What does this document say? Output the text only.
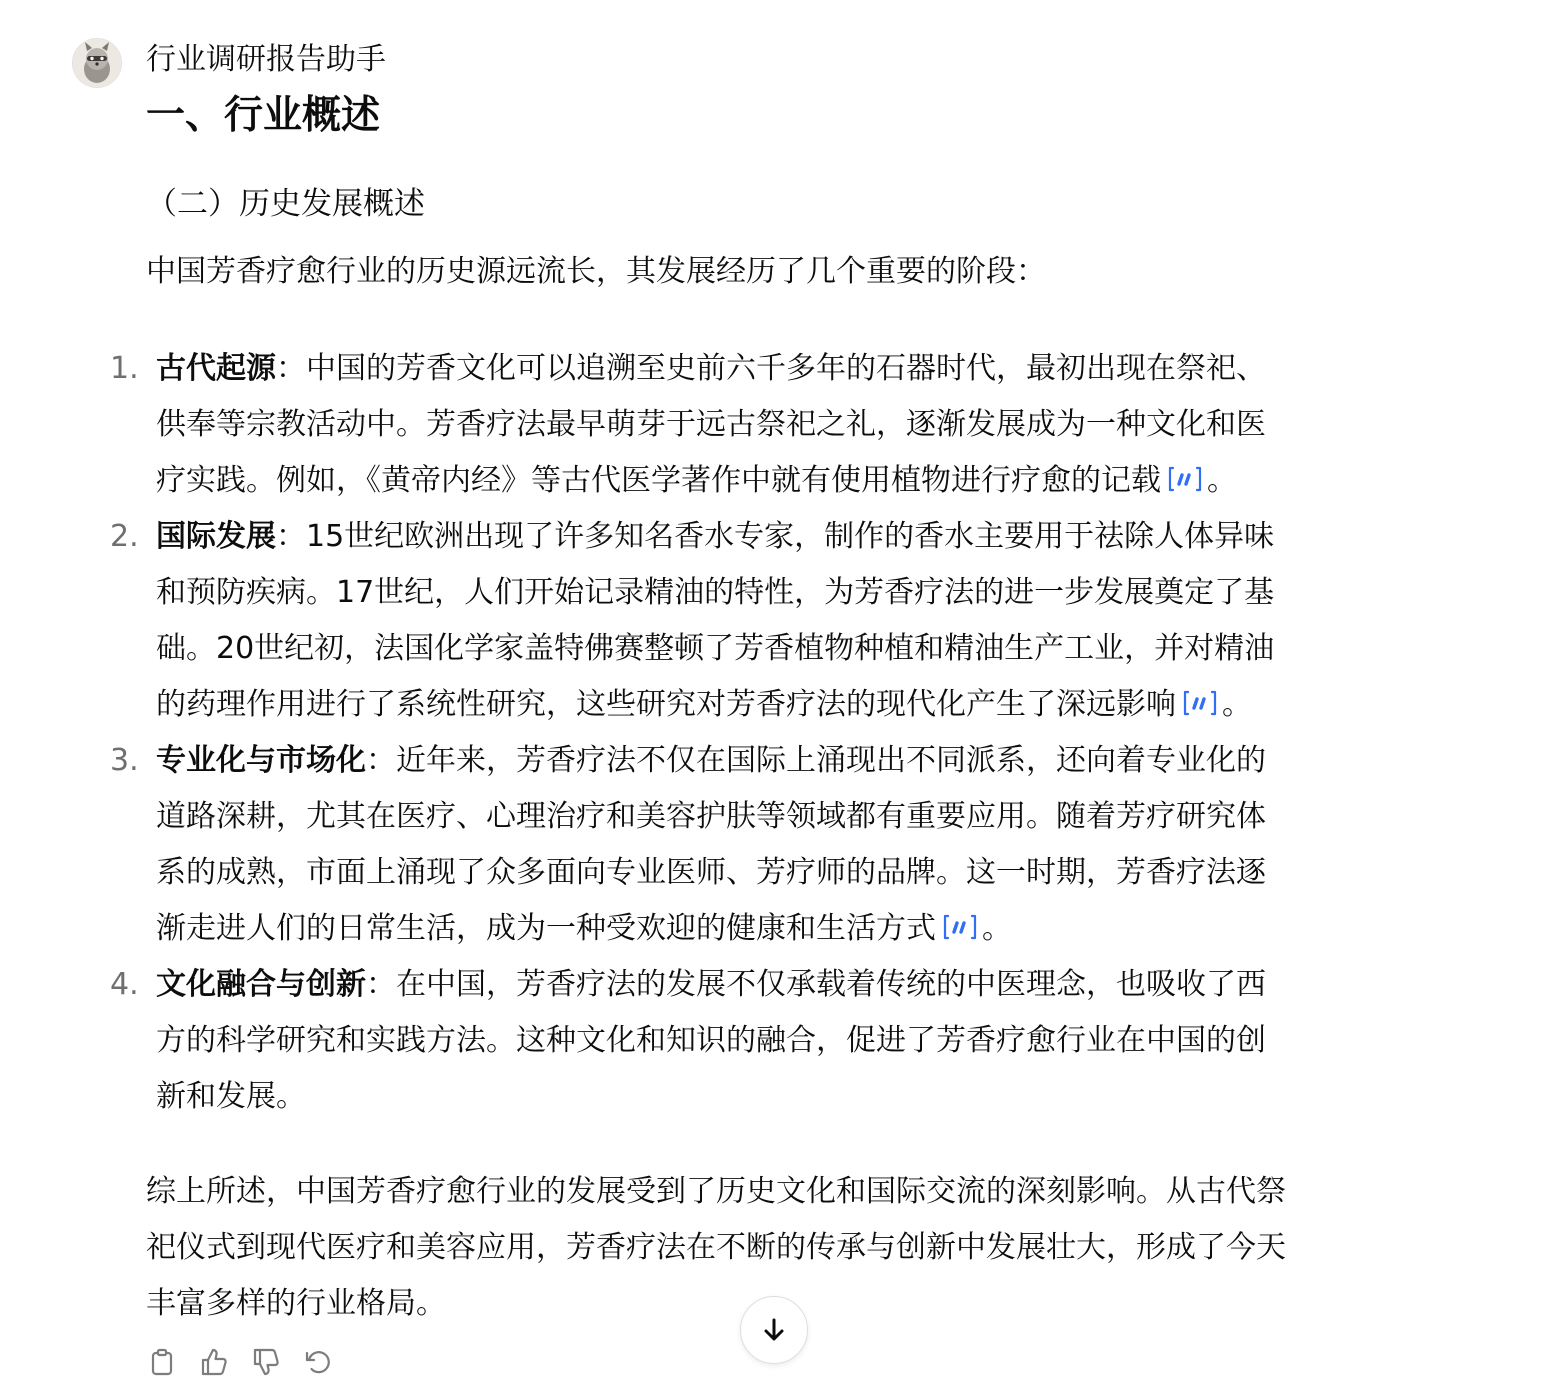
行业调研报告助手
一、行业概述
（二）历史发展概述
中国芳香疗愈行业的历史源远流长，其发展经历了几个重要的阶段：
1. 古代起源：中国的芳香文化可以追溯至史前六千多年的石器时代，最初出现在祭祀、
供奉等宗教活动中。芳香疗法最早萌芽于远古祭祀之礼，逐渐发展成为一种文化和医
疗实践。例如，《黄帝内经》等古代医学著作中就有使用植物进行疗愈的记载 。
2. 国际发展：15世纪欧洲出现了许多知名香水专家，制作的香水主要用于祛除人体异味
和预防疾病。17世纪，人们开始记录精油的特性，为芳香疗法的进一步发展奠定了基
础。20世纪初，法国化学家盖特佛赛整顿了芳香植物种植和精油生产工业，并对精油
的药理作用进行了系统性研究，这些研究对芳香疗法的现代化产生了深远影响 。
3. 专业化与市场化：近年来，芳香疗法不仅在国际上涌现出不同派系，还向着专业化的
道路深耕，尤其在医疗、心理治疗和美容护肤等领域都有重要应用。随着芳疗研究体
系的成熟，市面上涌现了众多面向专业医师、芳疗师的品牌。这一时期，芳香疗法逐
渐走进人们的日常生活，成为一种受欢迎的健康和生活方式 。
4. 文化融合与创新：在中国，芳香疗法的发展不仅承载着传统的中医理念，也吸收了西
方的科学研究和实践方法。这种文化和知识的融合，促进了芳香疗愈行业在中国的创
新和发展。
综上所述，中国芳香疗愈行业的发展受到了历史文化和国际交流的深刻影响。从古代祭
祀仪式到现代医疗和美容应用，芳香疗法在不断的传承与创新中发展壮大，形成了今天
丰富多样的行业格局。
